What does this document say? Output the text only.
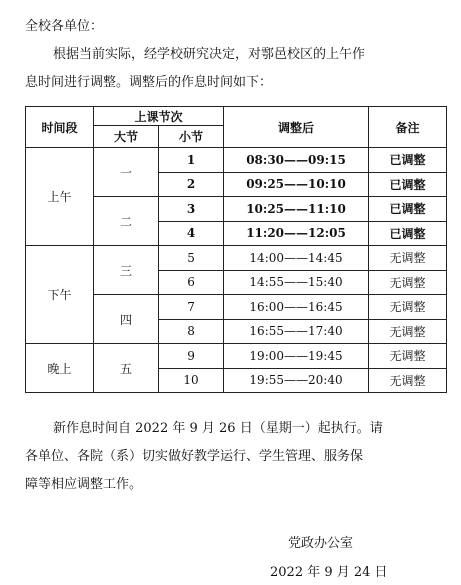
全校各单位：
根据当前实际，经学校研究决定，对鄠邑校区的上午作
息时间进行调整。调整后的作息时间如下：
时间段	上课节次		调整后	备注
	大节	小节		
上午	一	1	08:30——09:15	已调整
		2	09:25——10:10	已调整
	二	3	10:25——11:10	已调整
		4	11:20——12:05	已调整
下午	三	5	14:00——14:45	无调整
		6	14:55——15:40	无调整
	四	7	16:00——16:45	无调整
		8	16:55——17:40	无调整
晚上	五	9	19:00——19:45	无调整
		10	19:55——20:40	无调整
新作息时间自 2022 年 9 月 26 日（星期一）起执行。请
各单位、各院（系）切实做好教学运行、学生管理、服务保
障等相应调整工作。
党政办公室
2022 年 9 月 24 日
